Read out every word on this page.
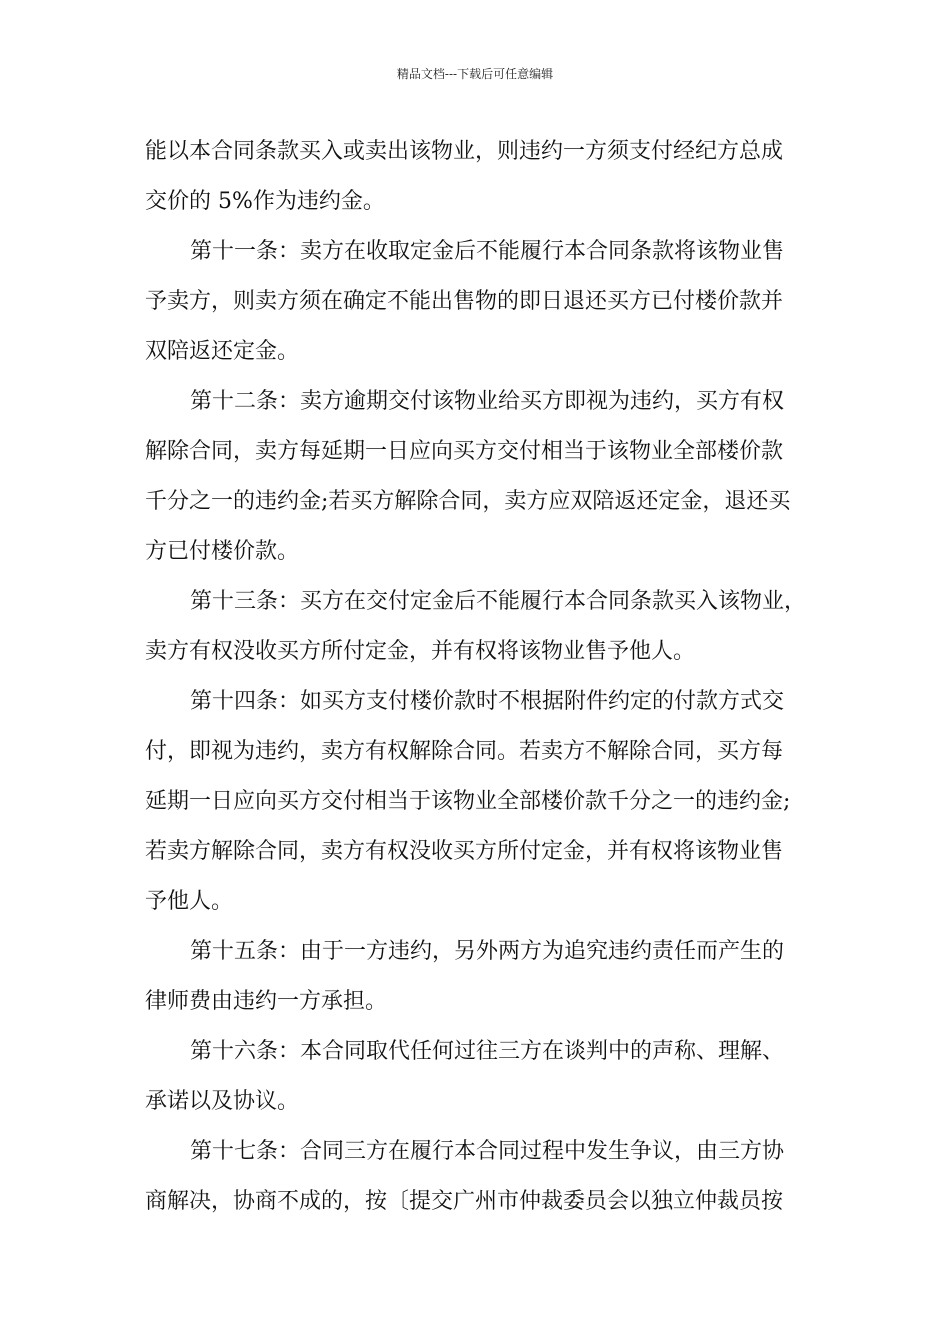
精品文档---下载后可任意编辑
能以本合同条款买入或卖出该物业，则违约一方须支付经纪方总成
交价的 5%作为违约金。
第十一条：卖方在收取定金后不能履行本合同条款将该物业售
予卖方，则卖方须在确定不能出售物的即日退还买方已付楼价款并
双陪返还定金。
第十二条：卖方逾期交付该物业给买方即视为违约，买方有权
解除合同，卖方每延期一日应向买方交付相当于该物业全部楼价款
千分之一的违约金;若买方解除合同，卖方应双陪返还定金，退还买
方已付楼价款。
第十三条：买方在交付定金后不能履行本合同条款买入该物业，
卖方有权没收买方所付定金，并有权将该物业售予他人。
第十四条：如买方支付楼价款时不根据附件约定的付款方式交
付，即视为违约，卖方有权解除合同。若卖方不解除合同，买方每
延期一日应向买方交付相当于该物业全部楼价款千分之一的违约金;
若卖方解除合同，卖方有权没收买方所付定金，并有权将该物业售
予他人。
第十五条：由于一方违约，另外两方为追究违约责任而产生的
律师费由违约一方承担。
第十六条：本合同取代任何过往三方在谈判中的声称、理解、
承诺以及协议。
第十七条：合同三方在履行本合同过程中发生争议，由三方协
商解决，协商不成的，按〔提交广州市仲裁委员会以独立仲裁员按
